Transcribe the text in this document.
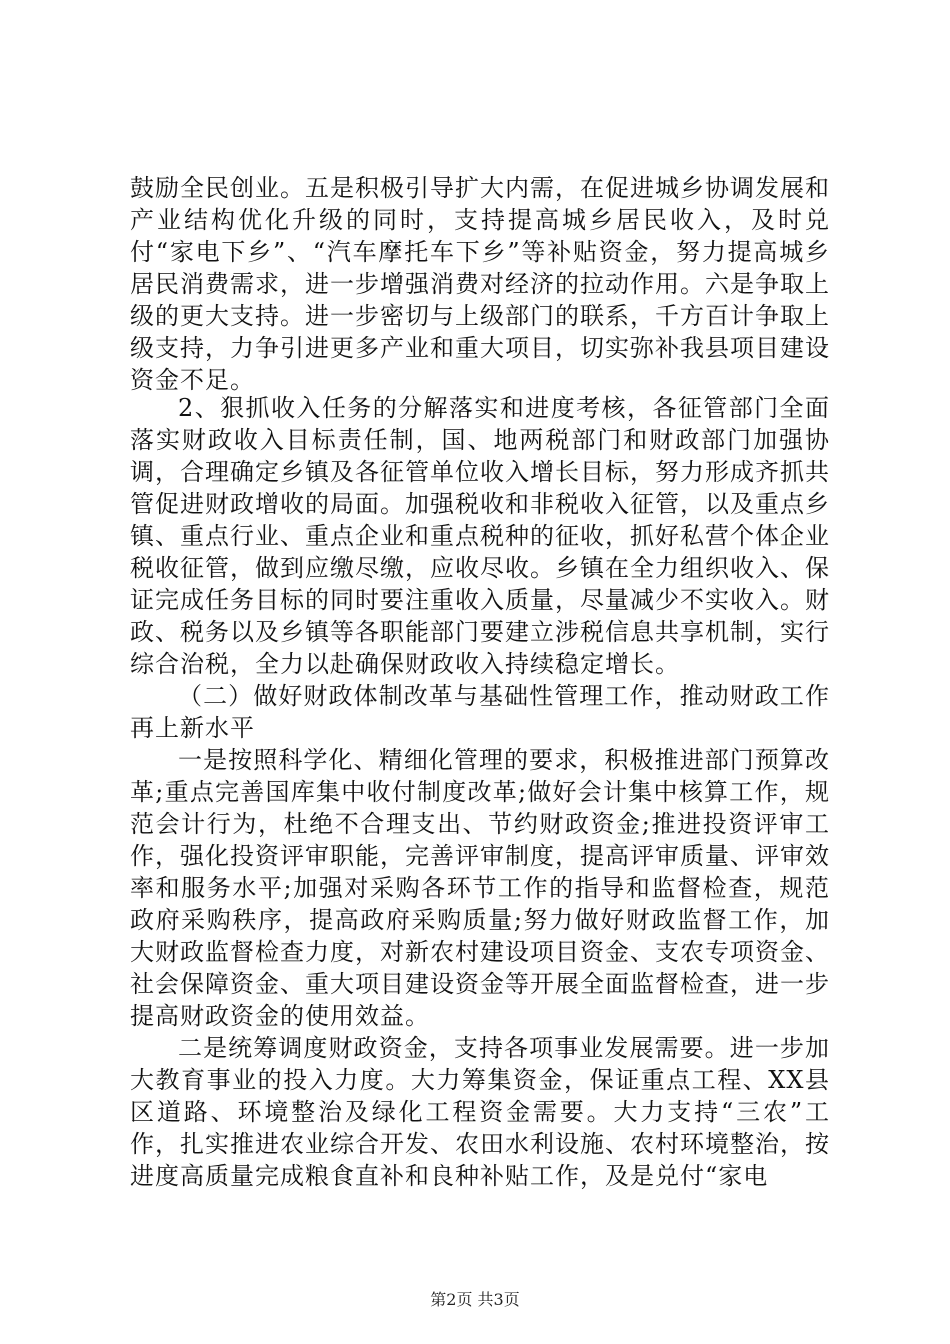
鼓励全民创业。五是积极引导扩大内需，在促进城乡协调发展和产业结构优化升级的同时，支持提高城乡居民收入，及时兑付“家电下乡”、“汽车摩托车下乡”等补贴资金，努力提高城乡居民消费需求，进一步增强消费对经济的拉动作用。六是争取上级的更大支持。进一步密切与上级部门的联系，千方百计争取上级支持，力争引进更多产业和重大项目，切实弥补我县项目建设资金不足。

2、狠抓收入任务的分解落实和进度考核，各征管部门全面落实财政收入目标责任制，国、地两税部门和财政部门加强协调，合理确定乡镇及各征管单位收入增长目标，努力形成齐抓共管促进财政增收的局面。加强税收和非税收入征管，以及重点乡镇、重点行业、重点企业和重点税种的征收，抓好私营个体企业税收征管，做到应缴尽缴，应收尽收。乡镇在全力组织收入、保证完成任务目标的同时要注重收入质量，尽量减少不实收入。财政、税务以及乡镇等各职能部门要建立涉税信息共享机制，实行综合治税，全力以赴确保财政收入持续稳定增长。

（二）做好财政体制改革与基础性管理工作，推动财政工作再上新水平

一是按照科学化、精细化管理的要求，积极推进部门预算改革;重点完善国库集中收付制度改革;做好会计集中核算工作，规范会计行为，杜绝不合理支出、节约财政资金;推进投资评审工作，强化投资评审职能，完善评审制度，提高评审质量、评审效率和服务水平;加强对采购各环节工作的指导和监督检查，规范政府采购秩序，提高政府采购质量;努力做好财政监督工作，加大财政监督检查力度，对新农村建设项目资金、支农专项资金、社会保障资金、重大项目建设资金等开展全面监督检查，进一步提高财政资金的使用效益。

二是统筹调度财政资金，支持各项事业发展需要。进一步加大教育事业的投入力度。大力筹集资金，保证重点工程、XX县区道路、环境整治及绿化工程资金需要。大力支持“三农”工作，扎实推进农业综合开发、农田水利设施、农村环境整治，按进度高质量完成粮食直补和良种补贴工作，及是兑付“家电

第2页 共3页
